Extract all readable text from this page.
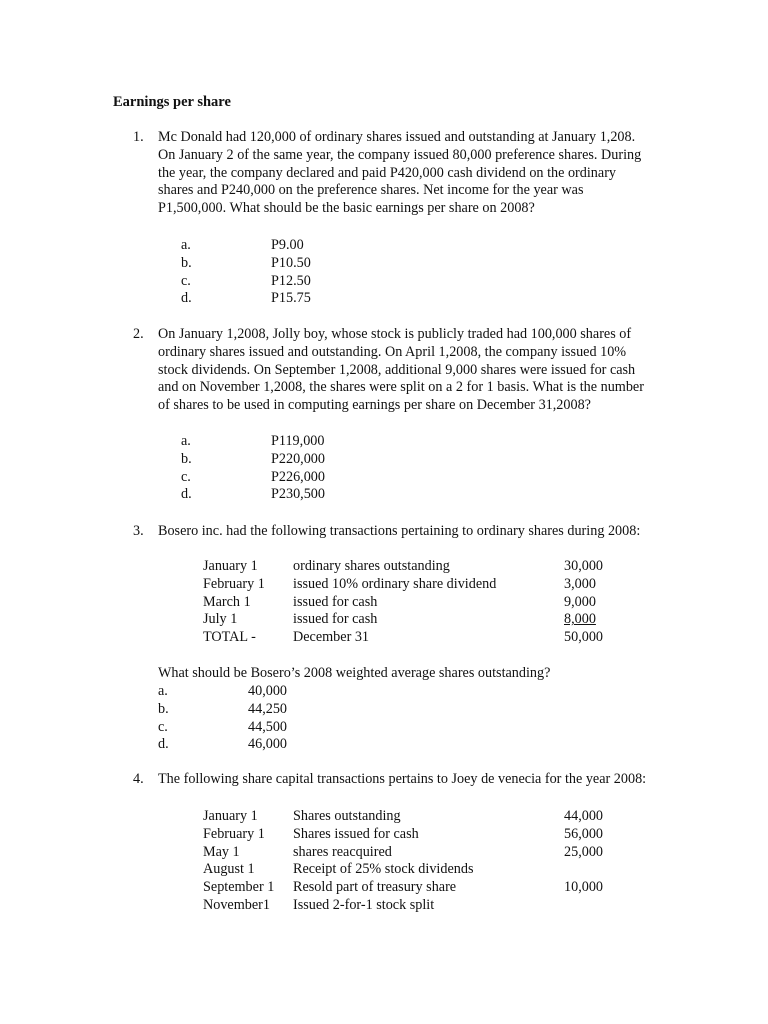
Earnings per share
1. Mc Donald had 120,000 of ordinary shares issued and outstanding at January 1,208. On January 2 of the same year, the company issued 80,000 preference shares. During the year, the company declared and paid P420,000 cash dividend on the ordinary shares and P240,000 on the preference shares. Net income for the year was P1,500,000. What should be the basic earnings per share on 2008?
a.	P9.00
b.	P10.50
c.	P12.50
d.	P15.75
2. On January 1,2008, Jolly boy, whose stock is publicly traded had 100,000 shares of ordinary shares issued and outstanding. On April 1,2008, the company issued 10% stock dividends. On September 1,2008, additional 9,000 shares were issued for cash and on November 1,2008, the shares were split on a 2 for 1 basis. What is the number of shares to be used in computing earnings per share on December 31,2008?
a.	P119,000
b.	P220,000
c.	P226,000
d.	P230,500
3. Bosero inc. had the following transactions pertaining to ordinary shares during 2008:
January 1 ordinary shares outstanding	30,000
February 1 issued 10% ordinary share dividend	3,000
March 1	issued for cash	9,000
July 1	issued for cash	8,000
TOTAL -	December 31	50,000
What should be Bosero’s 2008 weighted average shares outstanding?
a.	40,000
b.	44,250
c.	44,500
d.	46,000
4. The following share capital transactions pertains to Joey de venecia for the year 2008:
January 1 Shares outstanding	44,000
February 1 Shares issued for cash	56,000
May 1	shares reacquired	25,000
August 1	Receipt of 25% stock dividends
September 1 Resold part of treasury share	10,000
November1 Issued 2-for-1 stock split
